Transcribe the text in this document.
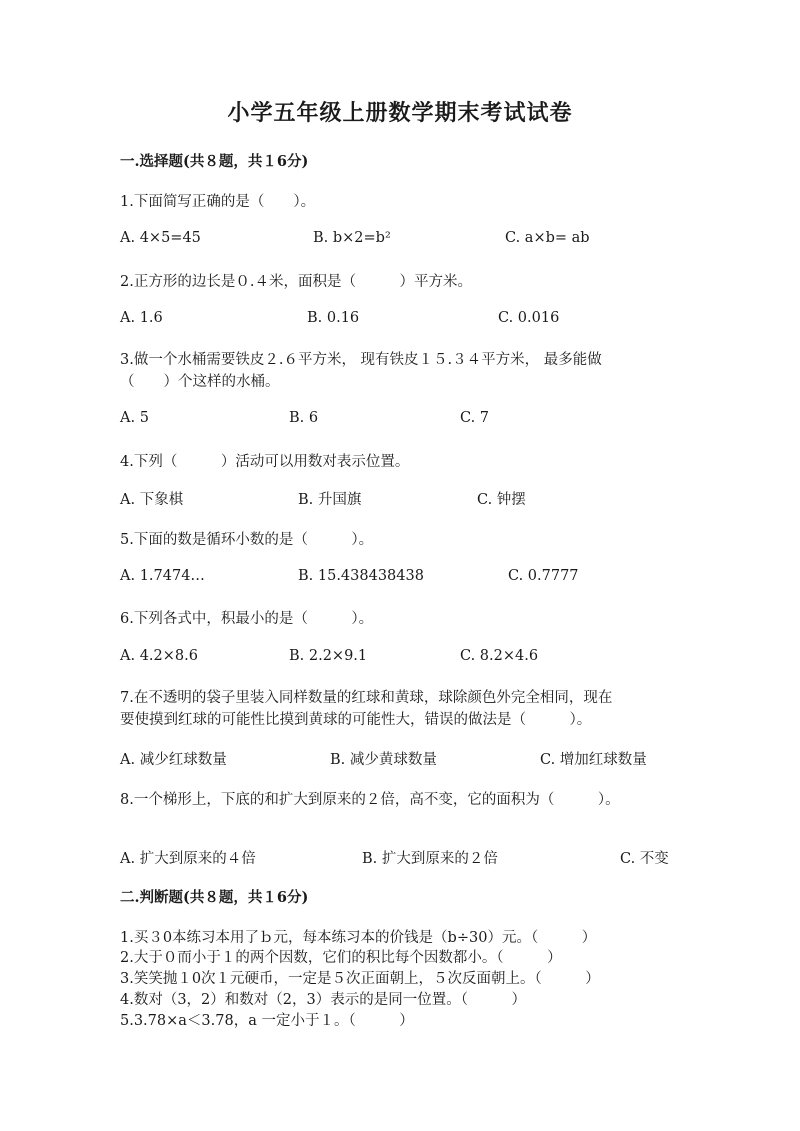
小学五年级上册数学期末考试试卷
一.选择题(共８题，共１6分)
1.下面简写正确的是（　　）。
A. 4×5=45	B. b×2=b²	C. a×b= ab
2.正方形的边长是０.４米，面积是（　　　）平方米。
A. 1.6	B. 0.16	C. 0.016
3.做一个水桶需要铁皮２.６平方米， 现有铁皮１５.３４平方米， 最多能做
（　　）个这样的水桶。
A. 5	B. 6	C. 7
4.下列（　　　）活动可以用数对表示位置。
A. 下象棋	B. 升国旗	C. 钟摆
5.下面的数是循环小数的是（　　　）。
A. 1.7474…	B. 15.438438438	C. 0.7777
6.下列各式中，积最小的是（　　　）。
A. 4.2×8.6	B. 2.2×9.1	C. 8.2×4.6
7.在不透明的袋子里装入同样数量的红球和黄球，球除颜色外完全相同，现在
要使摸到红球的可能性比摸到黄球的可能性大，错误的做法是（　　　）。
A. 减少红球数量	B. 减少黄球数量	C. 增加红球数量
8.一个梯形上，下底的和扩大到原来的２倍，高不变，它的面积为（　　　）。
A. 扩大到原来的４倍	B. 扩大到原来的２倍	C. 不变
二.判断题(共８题，共１6分)
1.买３0本练习本用了ｂ元，每本练习本的价钱是（b÷30）元。（　　　）
2.大于０而小于１的两个因数，它们的积比每个因数都小。（　　　）
3.笑笑抛１0次１元硬币，一定是５次正面朝上，５次反面朝上。（　　　）
4.数对（3，2）和数对（2，3）表示的是同一位置。（　　　）
5.3.78×a＜3.78，a 一定小于１。（　　　）
